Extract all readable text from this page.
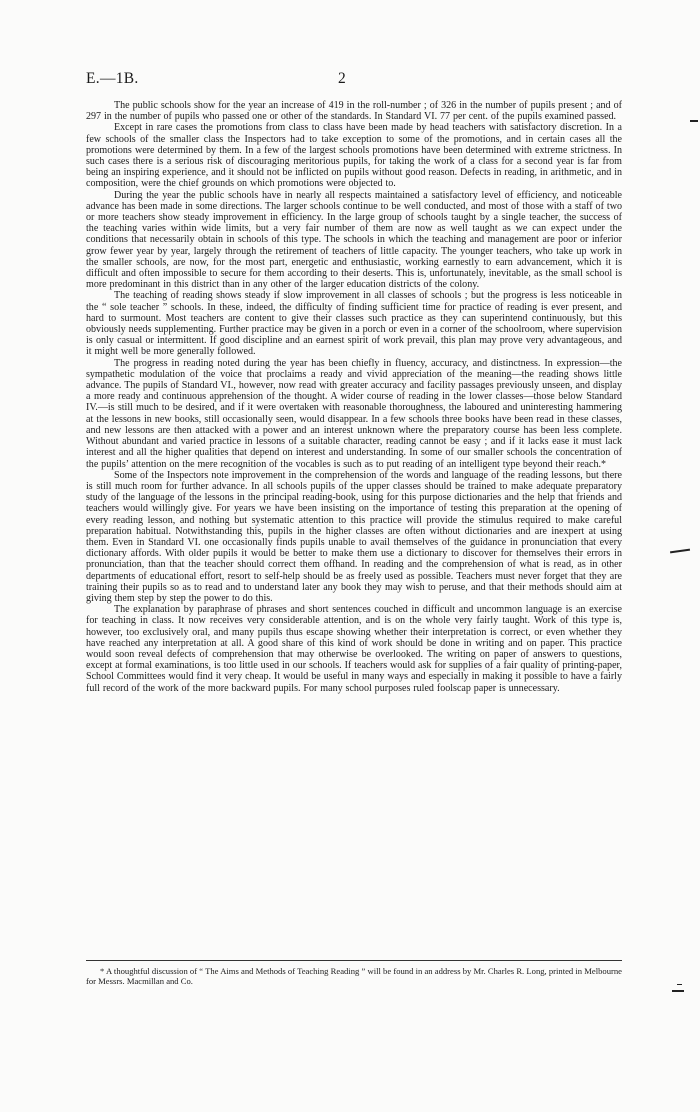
E.—1B.	2

The public schools show for the year an increase of 419 in the roll-number ; of 326 in the number of pupils present ; and of 297 in the number of pupils who passed one or other of the standards. In Standard VI. 77 per cent. of the pupils examined passed.

Except in rare cases the promotions from class to class have been made by head teachers with satisfactory discretion. In a few schools of the smaller class the Inspectors had to take exception to some of the promotions, and in certain cases all the promotions were determined by them. In a few of the largest schools promotions have been determined with extreme strictness. In such cases there is a serious risk of discouraging meritorious pupils, for taking the work of a class for a second year is far from being an inspiring experience, and it should not be inflicted on pupils without good reason. Defects in reading, in arithmetic, and in composition, were the chief grounds on which promotions were objected to.

During the year the public schools have in nearly all respects maintained a satisfactory level of efficiency, and noticeable advance has been made in some directions. The larger schools continue to be well conducted, and most of those with a staff of two or more teachers show steady improvement in efficiency. In the large group of schools taught by a single teacher, the success of the teaching varies within wide limits, but a very fair number of them are now as well taught as we can expect under the conditions that necessarily obtain in schools of this type. The schools in which the teaching and management are poor or inferior grow fewer year by year, largely through the retirement of teachers of little capacity. The younger teachers, who take up work in the smaller schools, are now, for the most part, energetic and enthusiastic, working earnestly to earn advancement, which it is difficult and often impossible to secure for them according to their deserts. This is, unfortunately, inevitable, as the small school is more predominant in this district than in any other of the larger education districts of the colony.

The teaching of reading shows steady if slow improvement in all classes of schools ; but the progress is less noticeable in the “ sole teacher ” schools. In these, indeed, the difficulty of finding sufficient time for practice of reading is ever present, and hard to surmount. Most teachers are content to give their classes such practice as they can superintend continuously, but this obviously needs supplementing. Further practice may be given in a porch or even in a corner of the schoolroom, where supervision is only casual or intermittent. If good discipline and an earnest spirit of work prevail, this plan may prove very advantageous, and it might well be more generally followed.

The progress in reading noted during the year has been chiefly in fluency, accuracy, and distinctness. In expression—the sympathetic modulation of the voice that proclaims a ready and vivid appreciation of the meaning—the reading shows little advance. The pupils of Standard VI., however, now read with greater accuracy and facility passages previously unseen, and display a more ready and continuous apprehension of the thought. A wider course of reading in the lower classes—those below Standard IV.—is still much to be desired, and if it were overtaken with reasonable thoroughness, the laboured and uninteresting hammering at the lessons in new books, still occasionally seen, would disappear. In a few schools three books have been read in these classes, and new lessons are then attacked with a power and an interest unknown where the preparatory course has been less complete. Without abundant and varied practice in lessons of a suitable character, reading cannot be easy ; and if it lacks ease it must lack interest and all the higher qualities that depend on interest and understanding. In some of our smaller schools the concentration of the pupils’ attention on the mere recognition of the vocables is such as to put reading of an intelligent type beyond their reach.*

Some of the Inspectors note improvement in the comprehension of the words and language of the reading lessons, but there is still much room for further advance. In all schools pupils of the upper classes should be trained to make adequate preparatory study of the language of the lessons in the principal reading-book, using for this purpose dictionaries and the help that friends and teachers would willingly give. For years we have been insisting on the importance of testing this preparation at the opening of every reading lesson, and nothing but systematic attention to this practice will provide the stimulus required to make careful preparation habitual. Notwithstanding this, pupils in the higher classes are often without dictionaries and are inexpert at using them. Even in Standard VI. one occasionally finds pupils unable to avail themselves of the guidance in pronunciation that every dictionary affords. With older pupils it would be better to make them use a dictionary to discover for themselves their errors in pronunciation, than that the teacher should correct them offhand. In reading and the comprehension of what is read, as in other departments of educational effort, resort to self-help should be as freely used as possible. Teachers must never forget that they are training their pupils so as to read and to understand later any book they may wish to peruse, and that their methods should aim at giving them step by step the power to do this.

The explanation by paraphrase of phrases and short sentences couched in difficult and uncommon language is an exercise for teaching in class. It now receives very considerable attention, and is on the whole very fairly taught. Work of this type is, however, too exclusively oral, and many pupils thus escape showing whether their interpretation is correct, or even whether they have reached any interpretation at all. A good share of this kind of work should be done in writing and on paper. This practice would soon reveal defects of comprehension that may otherwise be overlooked. The writing on paper of answers to questions, except at formal examinations, is too little used in our schools. If teachers would ask for supplies of a fair quality of printing-paper, School Committees would find it very cheap. It would be useful in many ways and especially in making it possible to have a fairly full record of the work of the more backward pupils. For many school purposes ruled foolscap paper is unnecessary.

* A thoughtful discussion of “ The Aims and Methods of Teaching Reading ” will be found in an address by Mr. Charles R. Long, printed in Melbourne for Messrs. Macmillan and Co.
